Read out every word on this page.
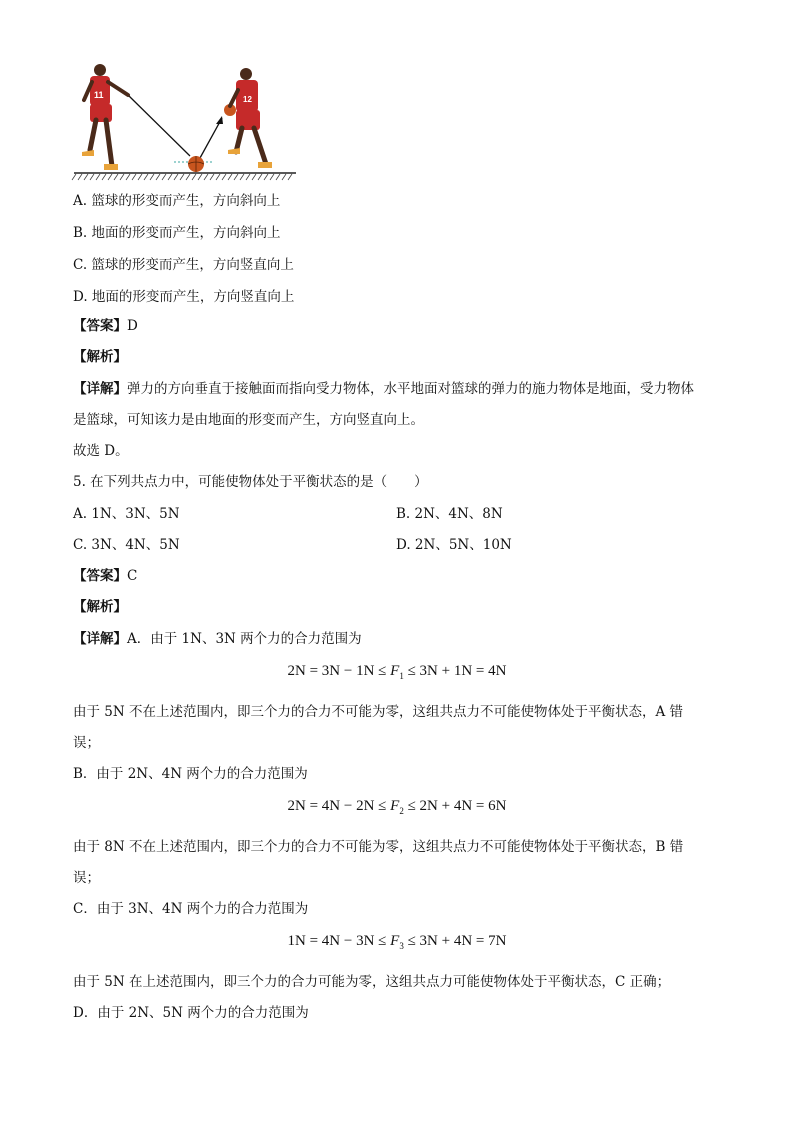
11	12
A. 篮球的形变而产生，方向斜向上
B. 地面的形变而产生，方向斜向上
C. 篮球的形变而产生，方向竖直向上
D. 地面的形变而产生，方向竖直向上
【答案】D
【解析】
【详解】弹力的方向垂直于接触面而指向受力物体，水平地面对篮球的弹力的施力物体是地面，受力物体
是篮球，可知该力是由地面的形变而产生，方向竖直向上。
故选 D。
5. 在下列共点力中，可能使物体处于平衡状态的是（　　）
A. 1N、3N、5N	B. 2N、4N、8N
C. 3N、4N、5N	D. 2N、5N、10N
【答案】C
【解析】
【详解】A．由于 1N、3N 两个力的合力范围为
$2N = 3N - 1N \le F_1 \le 3N + 1N = 4N$
由于 5N 不在上述范围内，即三个力的合力不可能为零，这组共点力不可能使物体处于平衡状态，A 错
误；
B．由于 2N、4N 两个力的合力范围为
$2N = 4N - 2N \le F_2 \le 2N + 4N = 6N$
由于 8N 不在上述范围内，即三个力的合力不可能为零，这组共点力不可能使物体处于平衡状态，B 错
误；
C．由于 3N、4N 两个力的合力范围为
$1N = 4N - 3N \le F_3 \le 3N + 4N = 7N$
由于 5N 在上述范围内，即三个力的合力可能为零，这组共点力可能使物体处于平衡状态，C 正确；
D．由于 2N、5N 两个力的合力范围为
